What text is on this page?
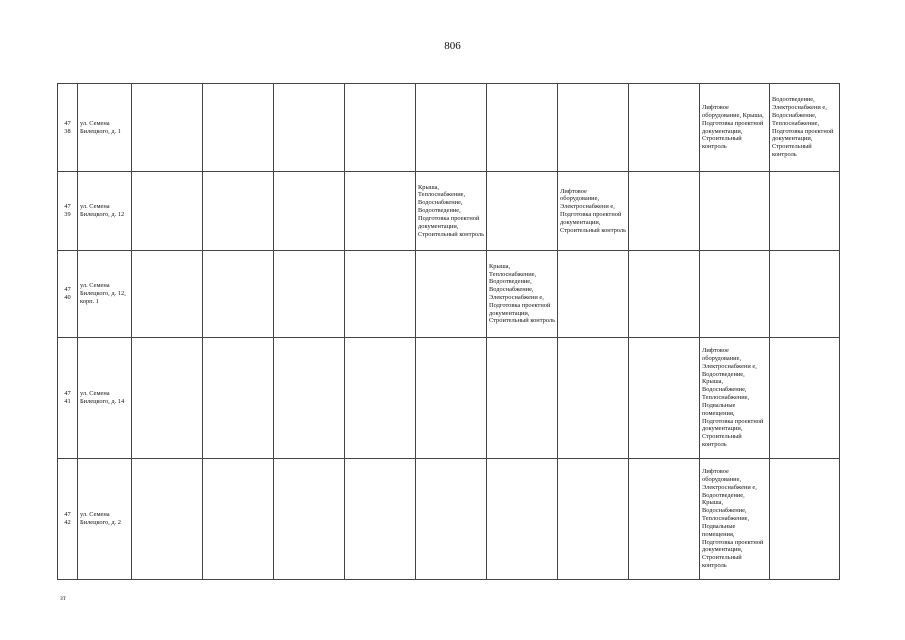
806
47
38	ул. Семена Билецкого, д. 1									Лифтовое оборудование, Крыша, Подготовка проектной документации, Строительный контроль	Водоотведение, Электроснабжени е, Водоснабжение, Теплоснабжение, Подготовка проектной документации, Строительный контроль

47
39	ул. Семена Билецкого, д. 12					Крыша, Теплоснабжение, Водоснабжение, Водоотведение, Подготовка проектной документации, Строительный контроль		Лифтовое оборудование, Электроснабжени е, Подготовка проектной документации, Строительный контроль			

47
40	ул. Семена Билецкого, д. 12, корп. 1						Крыша, Теплоснабжение, Водоотведение, Водоснабжение, Электроснабжени е, Подготовка проектной документации, Строительный контроль				

47
41	ул. Семена Билецкого, д. 14									Лифтовое оборудование, Электроснабжени е, Водоотведение, Крыша, Водоснабжение, Теплоснабжение, Подвальные помещения, Подготовка проектной документации, Строительный контроль	

47
42	ул. Семена Билецкого, д. 2									Лифтовое оборудование, Электроснабжени е, Водоотведение, Крыша, Водоснабжение, Теплоснабжение, Подвальные помещения, Подготовка проектной документации, Строительный контроль	
зт
